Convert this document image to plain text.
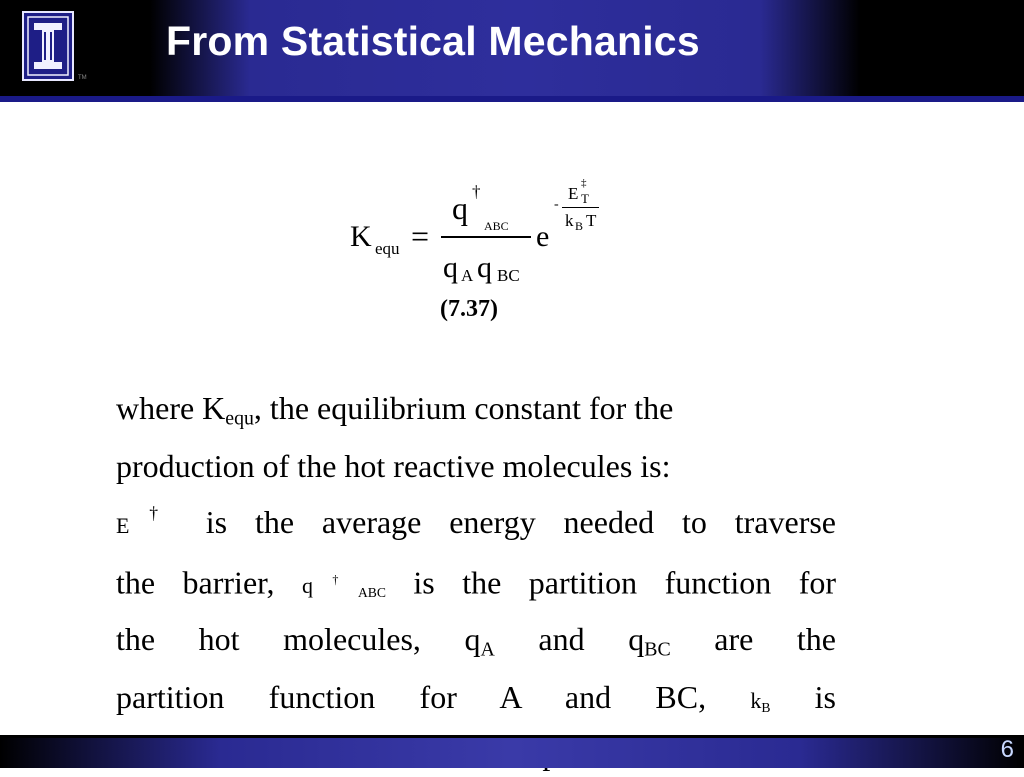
TM
From Statistical Mechanics
K equ =
q †
ABC
q A q BC
e
-
E
‡
T
k B T
(7.37)
where $K_{equ}$, the equilibrium constant for the
production of the hot reactive molecules is:
E† is the average energy needed to traverse
the barrier, $q^\dagger_{ABC}$ is the partition function for
the hot molecules, $q_A$ and $q_{BC}$ are the
partition function for A and BC, $k_B$ is
6
